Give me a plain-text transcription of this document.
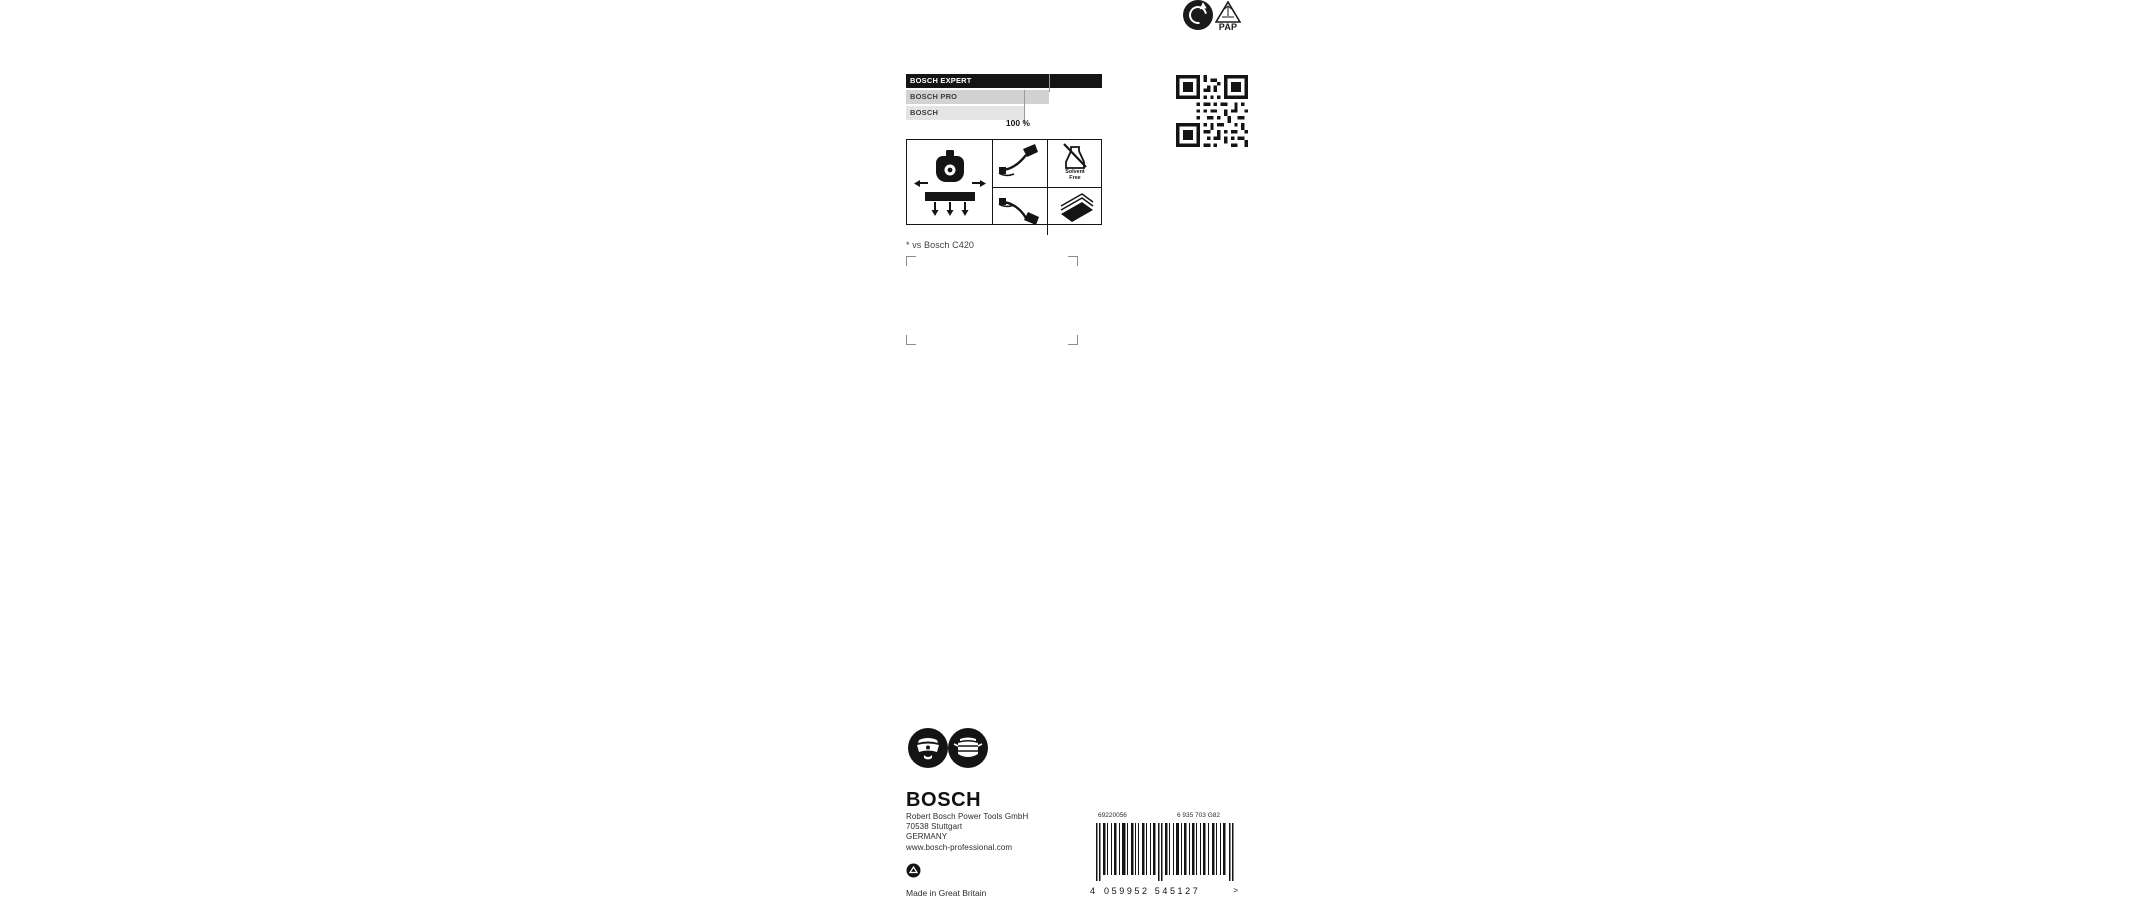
PAP
BOSCH EXPERT
BOSCH PRO
BOSCH
100 %
Solvent
Free
* vs Bosch C420
BOSCH
Robert Bosch Power Tools GmbH
70538 Stuttgart
GERMANY
www.bosch-professional.com
Made in Great Britain
69220056	6 935 703 G82
4 059952 545127	>
